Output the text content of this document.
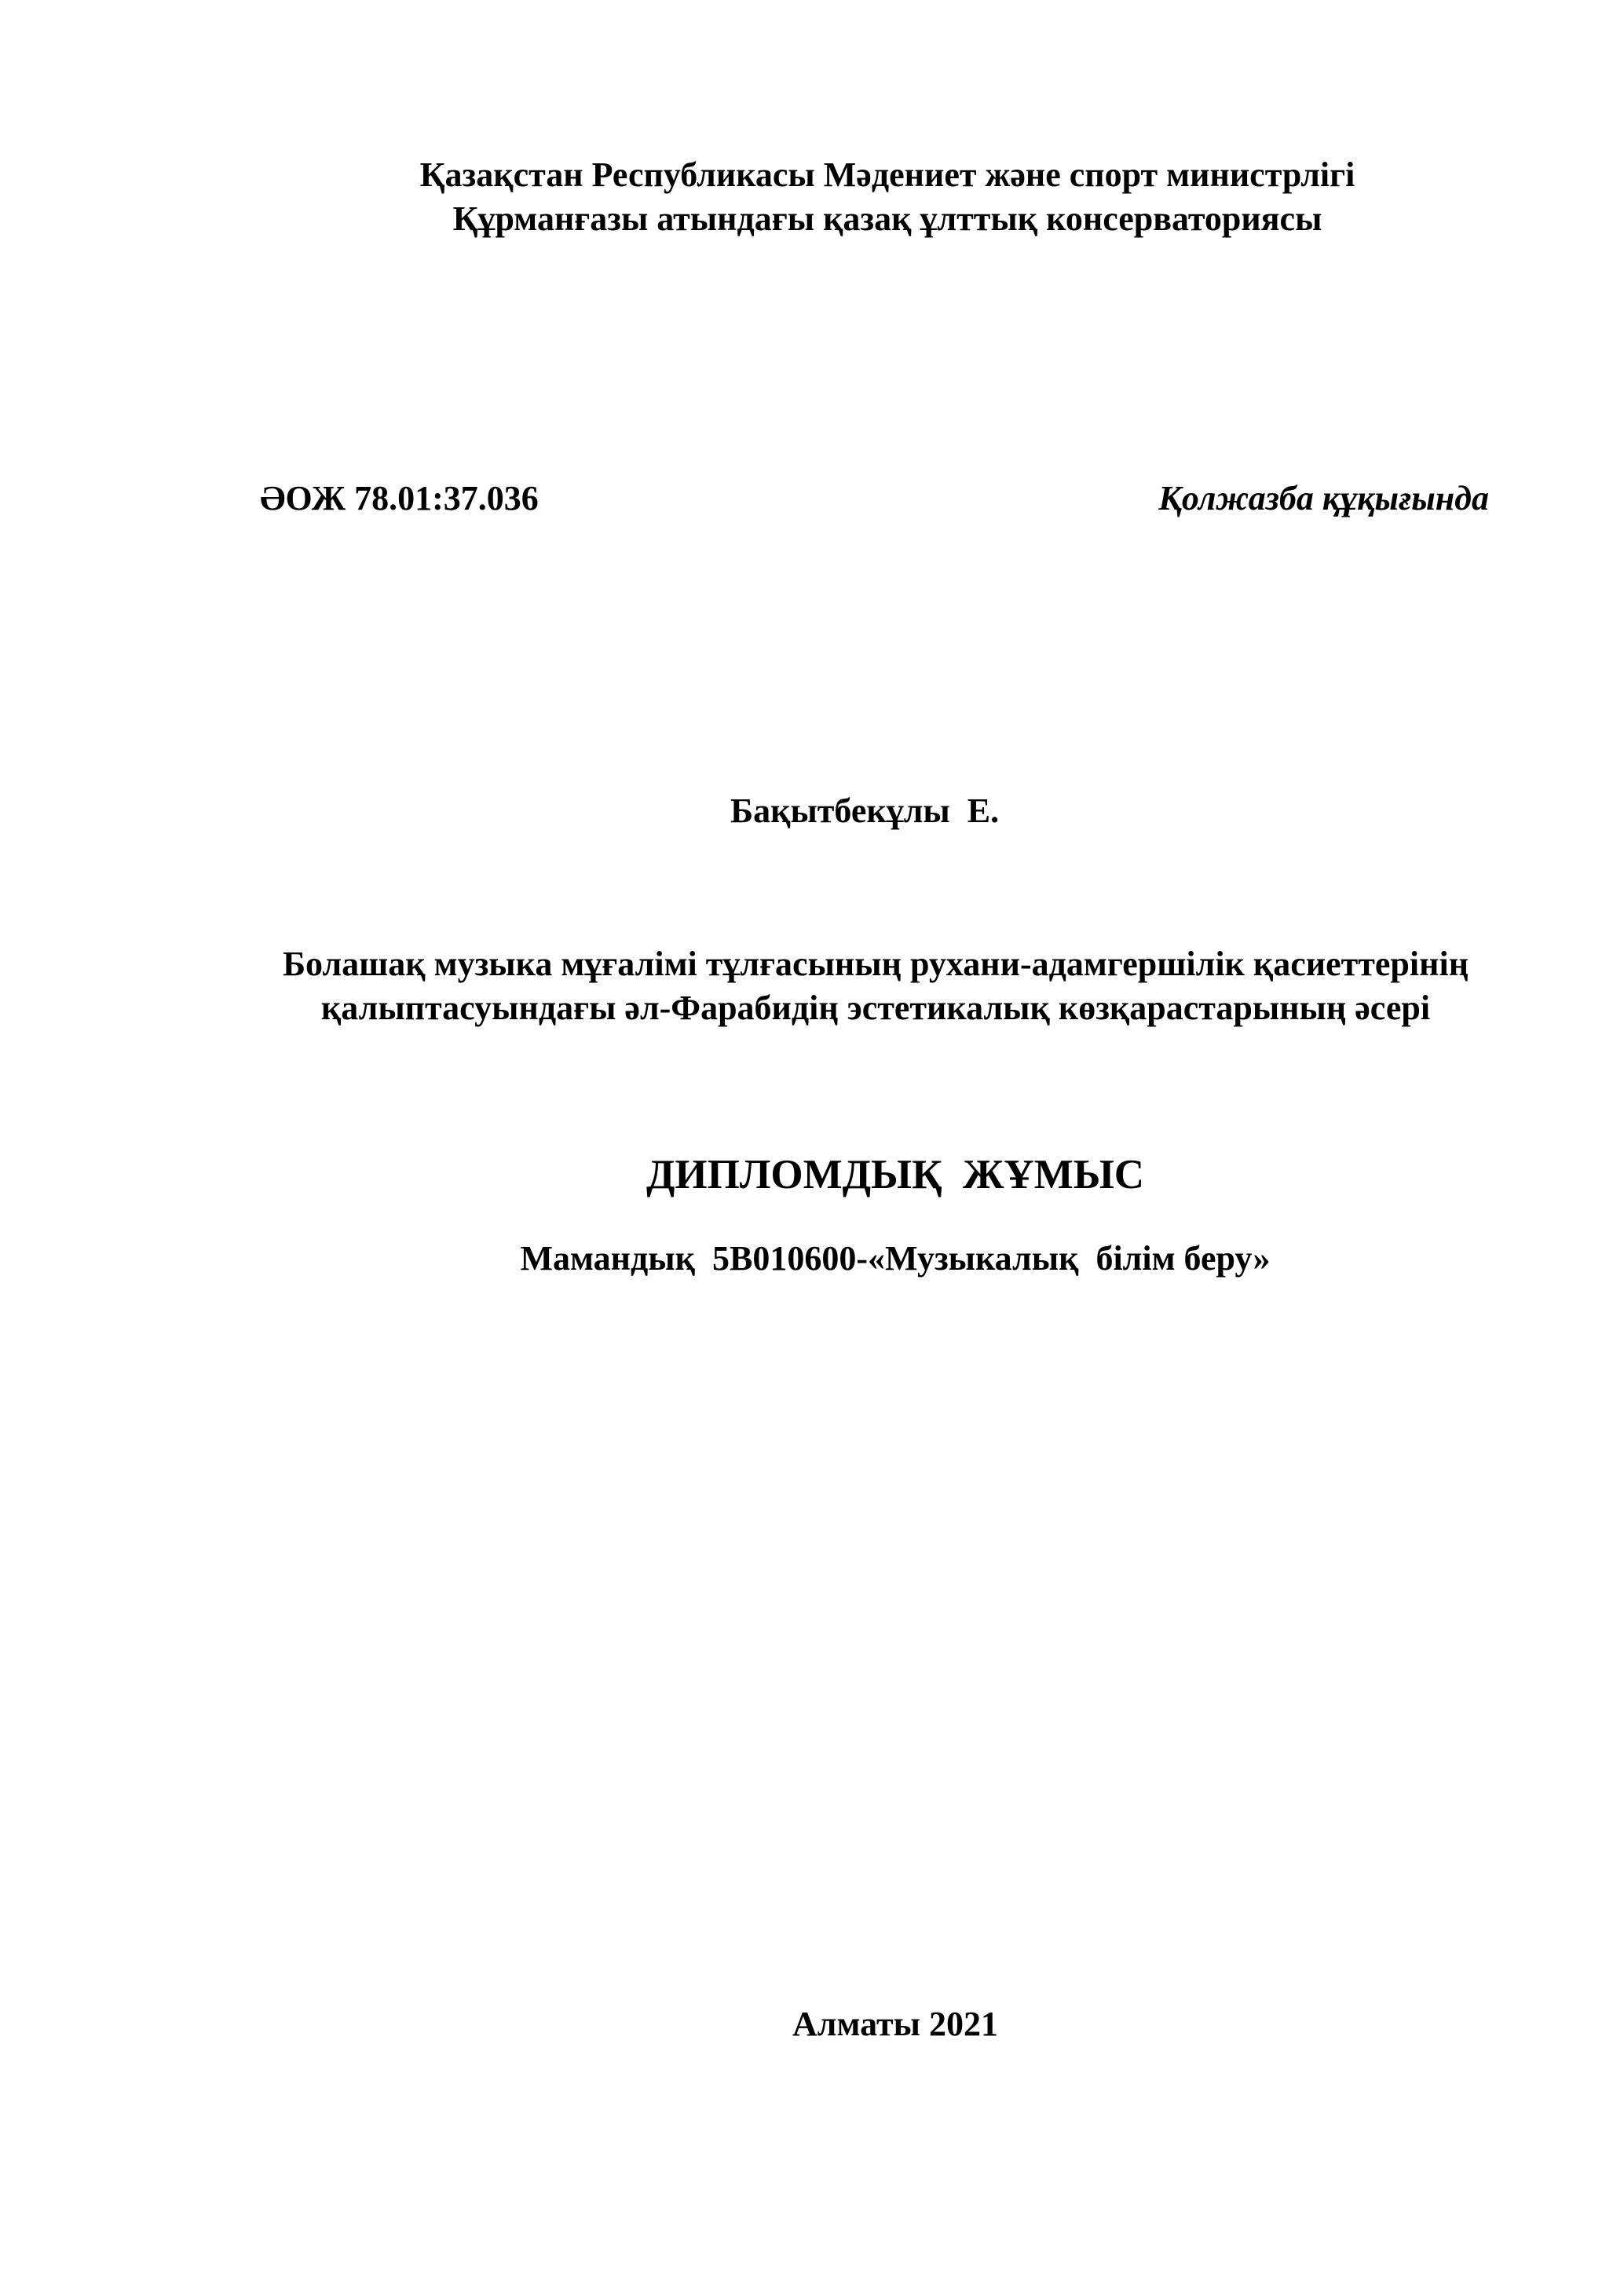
Қазақстан Республикасы Мәдениет және спорт министрлігі
Құрманғазы атындағы қазақ ұлттық консерваториясы
ӘОЖ 78.01:37.036	Қолжазба құқығында
Бақытбекұлы  Е.
Болашақ музыка мұғалімі тұлғасының рухани-адамгершілік қасиеттерінің
қалыптасуындағы әл-Фарабидің эстетикалық көзқарастарының әсері
ДИПЛОМДЫҚ  ЖҰМЫС
Мамандық  5В010600-«Музыкалық  білім беру»
Алматы 2021
